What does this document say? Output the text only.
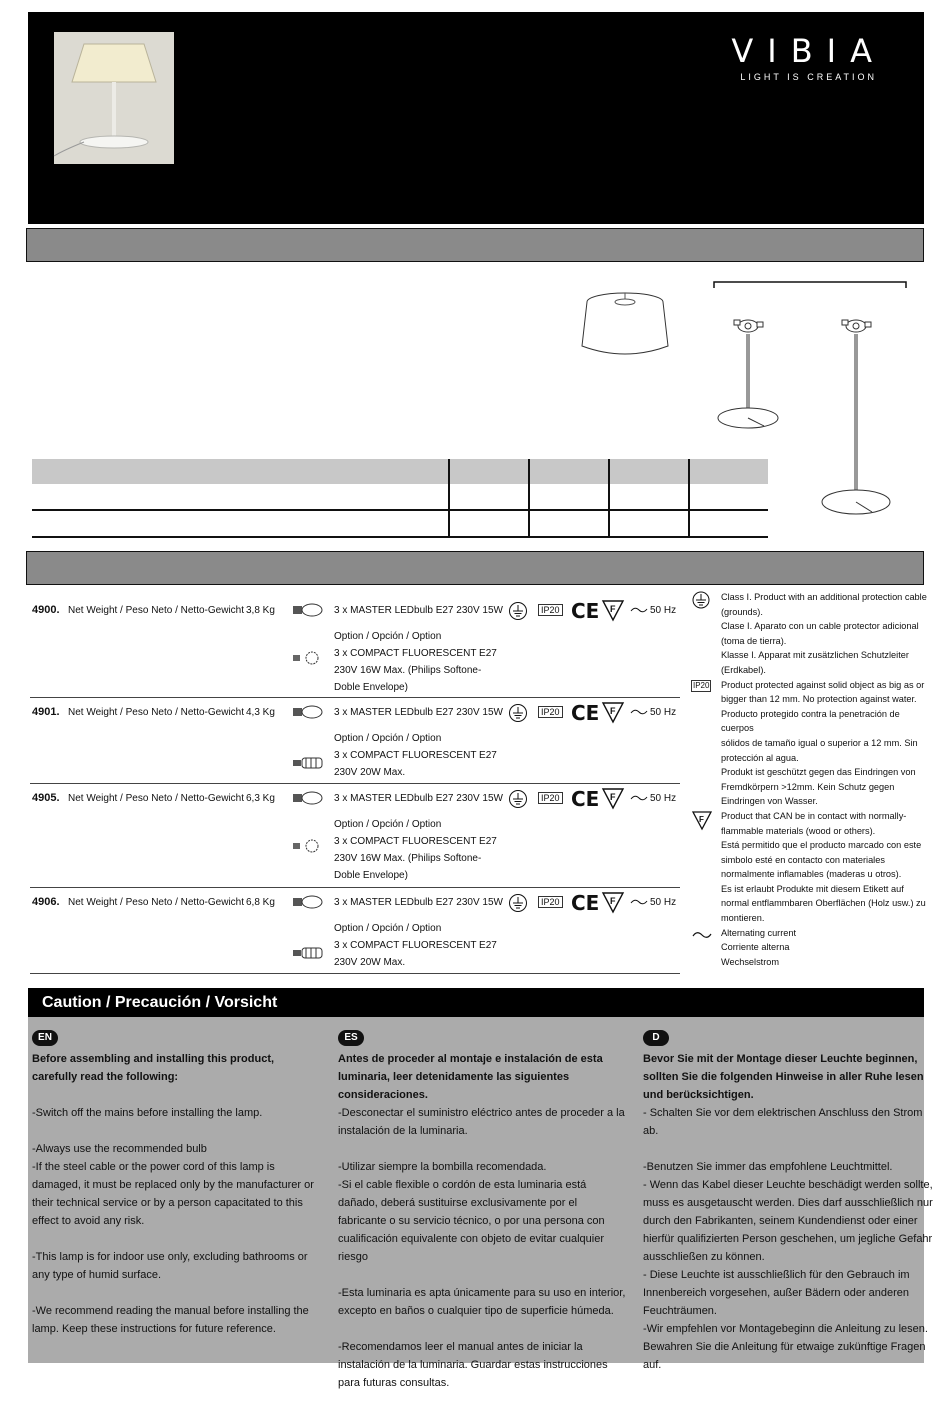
VIBIA
LIGHT IS CREATION
4900. Net Weight / Peso Neto / Netto-Gewicht 3,8 Kg	3 x MASTER LEDbulb E27 230V 15W	IP20 CE F	50 Hz
Option / Opción / Option
3 x COMPACT FLUORESCENT E27
230V 16W Max. (Philips Softone-
Doble Envelope)
4901. Net Weight / Peso Neto / Netto-Gewicht 4,3 Kg	3 x MASTER LEDbulb E27 230V 15W	IP20 CE F	50 Hz
Option / Opción / Option
3 x COMPACT FLUORESCENT E27
230V 20W Max.
4905. Net Weight / Peso Neto / Netto-Gewicht 6,3 Kg	3 x MASTER LEDbulb E27 230V 15W	IP20 CE F	50 Hz
Option / Opción / Option
3 x COMPACT FLUORESCENT E27
230V 16W Max. (Philips Softone-
Doble Envelope)
4906. Net Weight / Peso Neto / Netto-Gewicht 6,8 Kg	3 x MASTER LEDbulb E27 230V 15W	IP20 CE F	50 Hz
Option / Opción / Option
3 x COMPACT FLUORESCENT E27
230V 20W Max.
Class I. Product with an additional protection cable
(grounds).
Clase I. Aparato con un cable protector adicional
(toma de tierra).
Klasse I. Apparat mit zusätzlichen Schutzleiter
(Erdkabel).
IP20 Product protected against solid object as big as or
bigger than 12 mm. No protection against water.
Producto protegido contra la penetración de cuerpos
sólidos de tamaño igual o superior a 12 mm. Sin
protección al agua.
Produkt ist geschützt gegen das Eindringen von
Fremdkörpern >12mm. Kein Schutz gegen
Eindringen von Wasser.
F Product that CAN be in contact with normally-
flammable materials (wood or others).
Está permitido que el producto marcado con este
simbolo esté en contacto con materiales
normalmente inflamables (maderas u otros).
Es ist erlaubt Produkte mit diesem Etikett auf
normal entflammbaren Oberflächen (Holz usw.) zu
montieren.
Alternating current
Corriente alterna
Wechselstrom
Caution / Precaución / Vorsicht
EN
Before assembling and installing this product, carefully read the following:
-Switch off the mains before installing the lamp.
-Always use the recommended bulb
-If the steel cable or the power cord of this lamp is damaged, it must be replaced only by the manufacturer or their technical service or by a person capacitated to this effect to avoid any risk.
-This lamp is for indoor use only, excluding bathrooms or any type of humid surface.
-We recommend reading the manual before installing the lamp. Keep these instructions for future reference.
ES
Antes de proceder al montaje e instalación de esta luminaria, leer detenidamente las siguientes consideraciones.
-Desconectar el suministro eléctrico antes de proceder a la instalación de la luminaria.
-Utilizar siempre la bombilla recomendada.
-Si el cable flexible o cordón de esta luminaria está dañado, deberá sustituirse exclusivamente por el fabricante o su servicio técnico, o por una persona con cualificación equivalente con objeto de evitar cualquier riesgo
-Esta luminaria es apta únicamente para su uso en interior, excepto en baños o cualquier tipo de superficie húmeda.
-Recomendamos leer el manual antes de iniciar la instalación de la luminaria. Guardar estas instrucciones para futuras consultas.
D
Bevor Sie mit der Montage dieser Leuchte beginnen, sollten Sie die folgenden Hinweise in aller Ruhe lesen und berücksichtigen.
- Schalten Sie vor dem elektrischen Anschluss den Strom ab.
-Benutzen Sie immer das empfohlene Leuchtmittel.
- Wenn das Kabel dieser Leuchte beschädigt werden sollte, muss es ausgetauscht werden. Dies darf ausschließlich nur durch den Fabrikanten, seinem Kundendienst oder einer hierfür qualifizierten Person geschehen, um jegliche Gefahr ausschließen zu können.
- Diese Leuchte ist ausschließlich für den Gebrauch im Innenbereich vorgesehen, außer Bädern oder anderen Feuchträumen.
-Wir empfehlen vor Montagebeginn die Anleitung zu lesen. Bewahren Sie die Anleitung für etwaige zukünftige Fragen auf.
